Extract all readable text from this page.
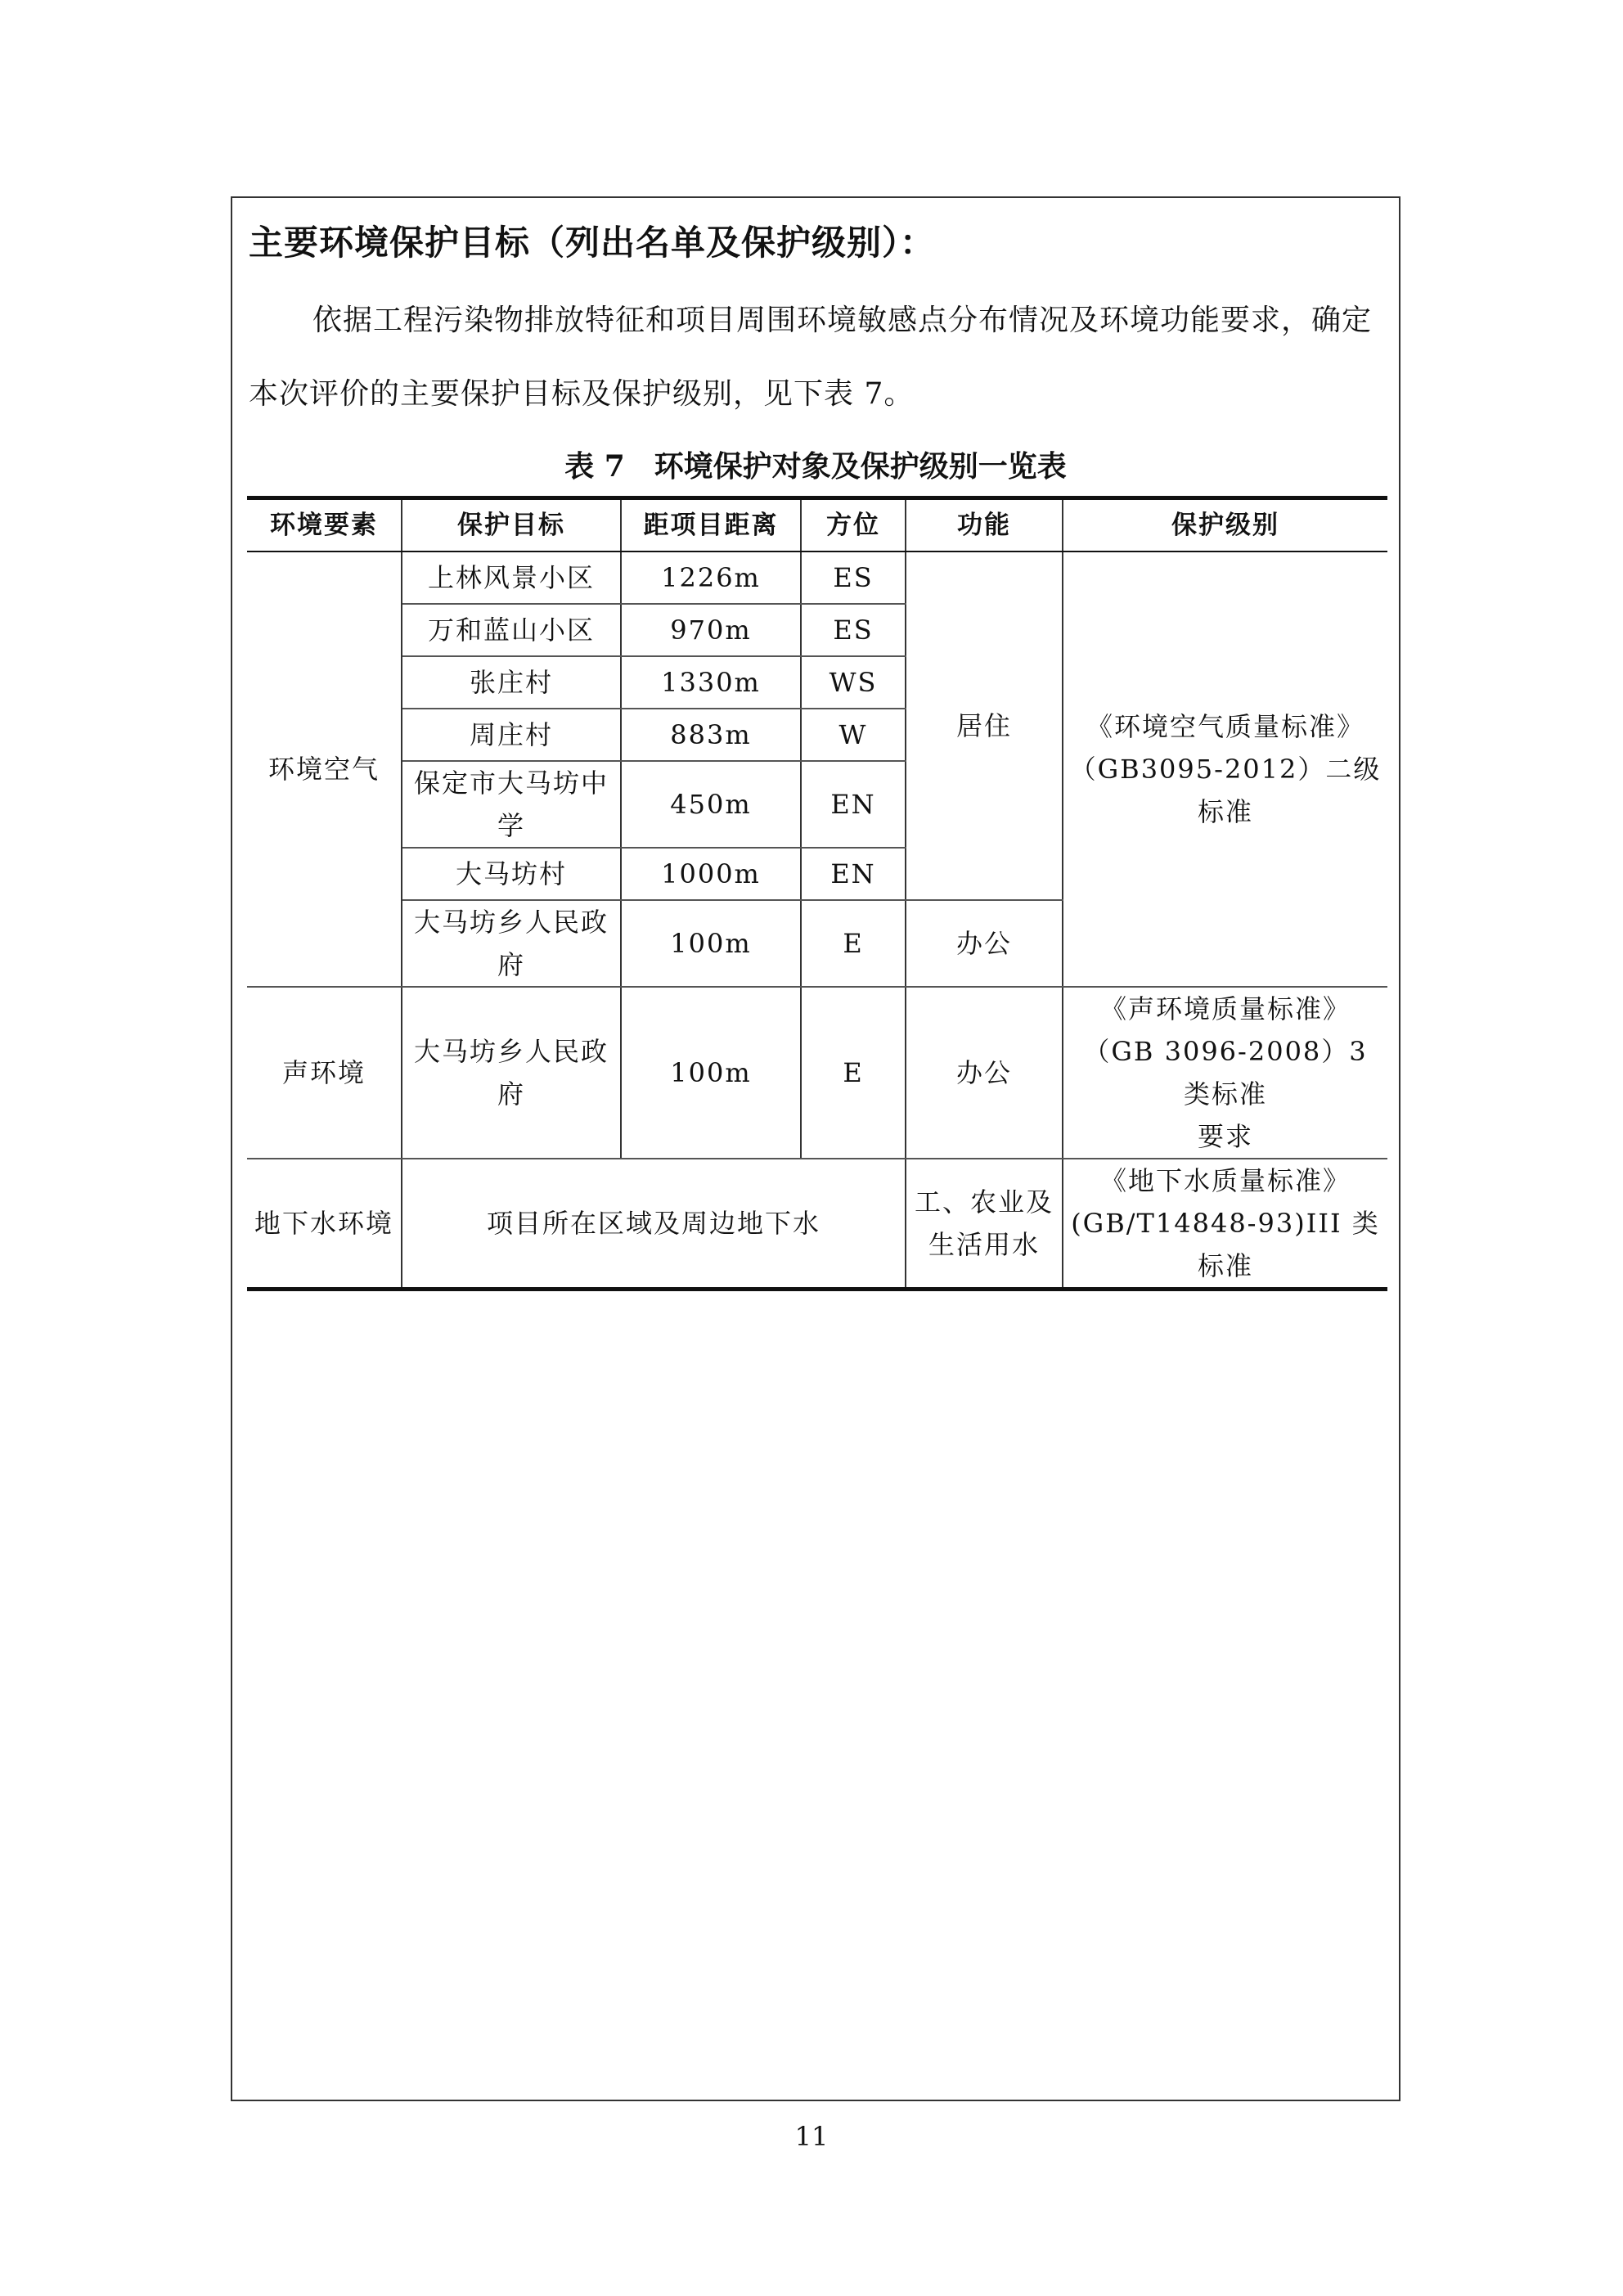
主要环境保护目标（列出名单及保护级别）：
依据工程污染物排放特征和项目周围环境敏感点分布情况及环境功能要求，确定本次评价的主要保护目标及保护级别，见下表 7。
表 7　环境保护对象及保护级别一览表
环境要素	保护目标	距项目距离	方位	功能	保护级别
环境空气	上林风景小区	1226m	ES	居住	《环境空气质量标准》
（GB3095-2012）二级标准

	万和蓝山小区	970m	ES		
	张庄村	1330m	WS		
	周庄村	883m	W		
	保定市大马坊中学	450m	EN		
	大马坊村	1000m	EN		
	大马坊乡人民政府	100m	E	办公	
声环境	大马坊乡人民政府	100m	E	办公	《声环境质量标准》
（GB 3096-2008）3 类标准
要求

地下水环境	项目所在区域及周边地下水			工、农业及生活用水	《地下水质量标准》
(GB/T14848-93)III 类标准
11
